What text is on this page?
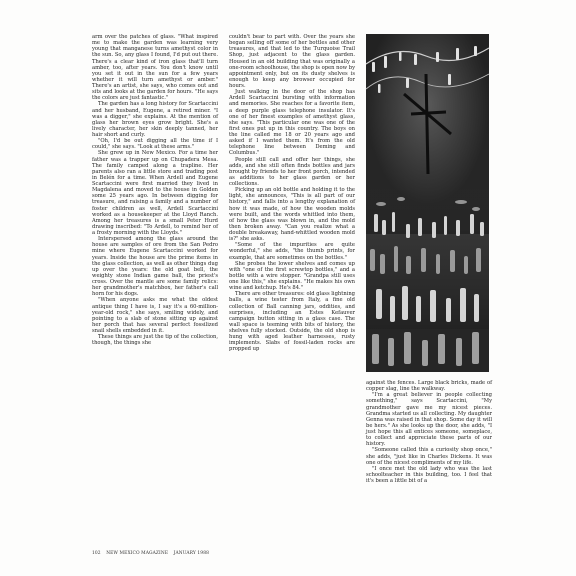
arm over the patches of glass. "What inspired me to make the garden was learning very young that manganese turns amethyst color in the sun. So, any glass I found, I'd put out there. There's a clear kind of iron glass that'll turn amber, too, after years. You don't know until you set it out in the sun for a few years whether it will turn amethyst or amber." There's an artist, she says, who comes out and sits and looks at the garden for hours. "He says the colors are just fantastic."

The garden has a long history for Scartaccini and her husband, Eugene, a retired miner. "I was a digger," she explains. At the mention of glass her brown eyes grow bright. She's a lively character, her skin deeply tanned, her hair short and curly.

"Oh, I'd be out digging all the time if I could," she says. "Look at these arms."

She grew up in New Mexico. For a time her father was a trapper up on Chupadera Mesa. The family camped along a trapline. Her parents also ran a little store and trading post in Belén for a time. When Ardell and Eugene Scartaccini were first married they lived in Magdalena and moved to the house in Golden some 25 years ago. In between digging for treasure, and raising a family and a number of foster children as well, Ardell Scartaccini worked as a housekeeper at the Lloyd Ranch. Among her treasures is a small Peter Hurd drawing inscribed: "To Ardell, to remind her of a frosty morning with the Lloyds."

Interspersed among the glass around the house are samples of ore from the San Pedro mine where Eugene Scartaccini worked for years. Inside the house are the prime items in the glass collection, as well as other things dug up over the years: the old goat bell, the weighty stone Indian game ball, the priest's cross. Over the mantle are some family relics: her grandmother's matchbox, her father's call horn for his dogs.

"When anyone asks me what the oldest antique thing I have is, I say it's a 60-million-year-old rock," she says, smiling widely, and pointing to a slab of stone sitting up against her porch that has several perfect fossilized snail shells embedded in it.

These things are just the tip of the collection, though, the things she

couldn't bear to part with. Over the years she began selling off some of her bottles and other treasures, and that led to the Turquoise Trail Shop, just adjacent to the glass garden. Housed in an old building that was originally a one-room schoolhouse, the shop is open now by appointment only, but on its dusty shelves is enough to keep any browser occupied for hours.

Just walking in the door of the shop has Ardell Scartaccini bursting with information and memories. She reaches for a favorite item, a deep purple glass telephone insulator. It's one of her finest examples of amethyst glass, she says. "This particular one was one of the first ones put up in this country. The boys on the line called me 18 or 20 years ago and asked if I wanted them. It's from the old telephone line between Deming and Columbus."

People still call and offer her things, she adds, and she still often finds bottles and jars brought by friends to her front porch, intended as additions to her glass garden or her collections.

Picking up an old bottle and holding it to the light, she announces, "This is all part of our history," and falls into a lengthy explanation of how it was made, of how the wooden molds were built, and the words whittled into them, of how the glass was blown in, and the mold then broken away. "Can you realize what a double breakaway, hand-whittled wooden mold is?" she asks.

"Some of the impurities are quite wonderful," she adds, "the thumb prints, for example, that are sometimes on the bottles."

She probes the lower shelves and comes up with "one of the first screwtop bottles," and a bottle with a wire stopper. "Grandpa still uses one like this," she explains. "He makes his own wine and ketchup. He's 84."

There are other treasures: old glass lightning balls, a wine tester from Italy, a fine old collection of Ball canning jars, oddities, and surprises, including an Estes Kefauver campaign button sitting in a glass case. The wall space is teeming with bits of history, the shelves fully stocked. Outside, the old shop is hung with aged leather harnesses, rusty implements. Slabs of fossil-laden rocks are propped up

against the fences. Large black bricks, made of copper slag, line the walkway.

"I'm a great believer in people collecting something," says Scartaccini, "My grandmother gave me my nicest pieces. Grandma started us all collecting. My daughter Genna was raised in that shop. Some day it will be hers." As she looks up the door, she adds, "I just hope this all entices someone, someplace, to collect and appreciate these parts of our history.

"Someone called this a curiosity shop once," she adds, "just like in Charles Dickens. It was one of the nicest compliments of my life.

"I once met the old lady who was the last schoolteacher in this building, too. I feel that it's been a little bit of a

102 NEW MEXICO MAGAZINE JANUARY 1988
